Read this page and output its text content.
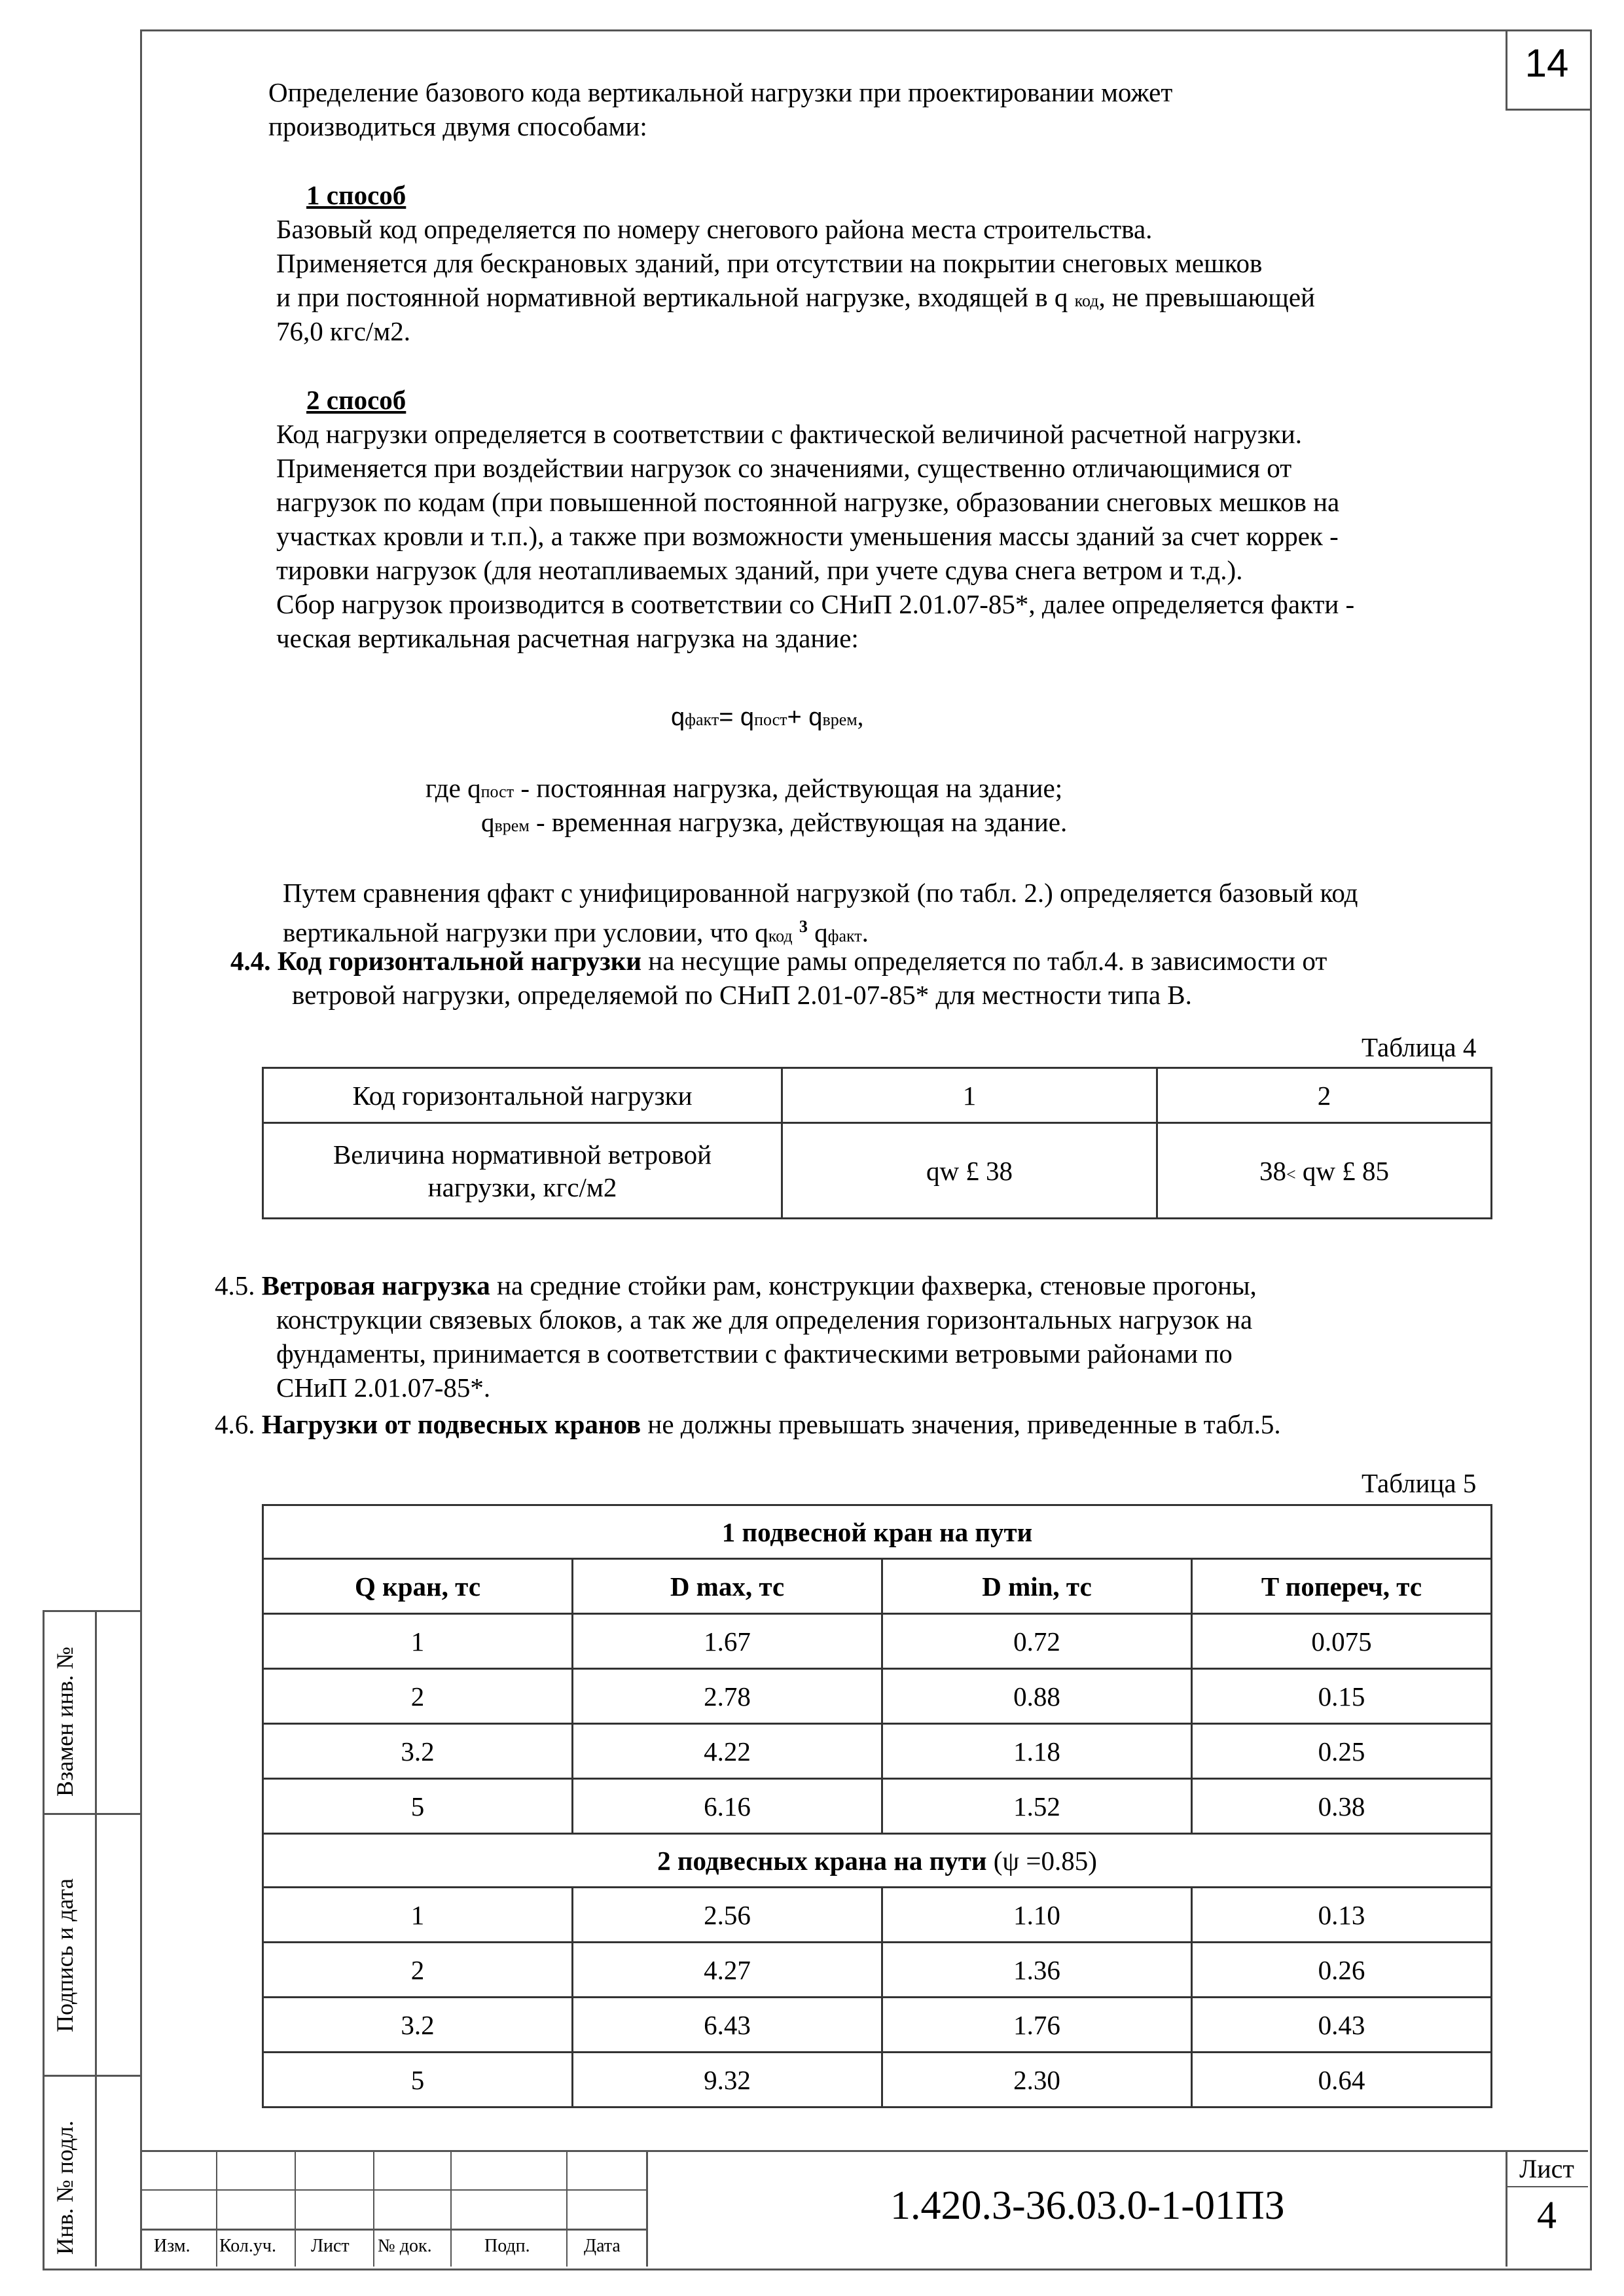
14
Взамен инв. №
Подпись и дата
Инв. № подл.
Определение базового кода вертикальной нагрузки при проектировании может
производиться двумя способами:
1 способ
Базовый код определяется по номеру снегового района места строительства.
Применяется для бескрановых зданий, при отсутствии на покрытии снеговых мешков
и при постоянной нормативной вертикальной нагрузке, входящей в q код, не превышающей
76,0 кгс/м2.
2 способ
Код нагрузки определяется в соответствии с фактической величиной расчетной нагрузки.
Применяется при воздействии нагрузок со значениями, существенно отличающимися от
нагрузок по кодам (при повышенной постоянной нагрузке, образовании снеговых мешков на
участках кровли и т.п.), а также при возможности уменьшения массы зданий за счет коррек -
тировки нагрузок (для неотапливаемых зданий, при учете сдува снега ветром и т.д.).
Сбор нагрузок производится в соответствии со СНиП 2.01.07-85*, далее определяется факти -
ческая вертикальная расчетная нагрузка на здание:
qфакт= qпост+ qврем,
где qпост - постоянная нагрузка, действующая на здание;
qврем - временная нагрузка, действующая на здание.
Путем сравнения qфакт с унифицированной нагрузкой (по табл. 2.) определяется базовый код
вертикальной нагрузки при условии, что qкод $^3$ qфакт.
4.4. Код горизонтальной нагрузки на несущие рамы определяется по табл.4. в зависимости от
ветровой нагрузки, определяемой по СНиП 2.01-07-85* для местности типа В.
Таблица 4
Код горизонтальной нагрузки	1	2
Величина нормативной ветровой
нагрузки, кгс/м2	qw £ 38	38< qw £ 85
4.5. Ветровая нагрузка на средние стойки рам, конструкции фахверка, стеновые прогоны,
конструкции связевых блоков, а так же для определения горизонтальных нагрузок на
фундаменты, принимается в соответствии с фактическими ветровыми районами по
СНиП 2.01.07-85*.
4.6. Нагрузки от подвесных кранов не должны превышать значения, приведенные в табл.5.
Таблица 5
1 подвесной кран на пути			
Q кран, тс	D max, тс	D min, тс	T попереч, тс
1	1.67	0.72	0.075
2	2.78	0.88	0.15
3.2	4.22	1.18	0.25
5	6.16	1.52	0.38
2 подвесных крана на пути (ψ =0.85)			
1	2.56	1.10	0.13
2	4.27	1.36	0.26
3.2	6.43	1.76	0.43
5	9.32	2.30	0.64
Изм. Кол.уч. Лист № док.	Подп.	Дата
1.420.3-36.03.0-1-01ПЗ
Лист
4
